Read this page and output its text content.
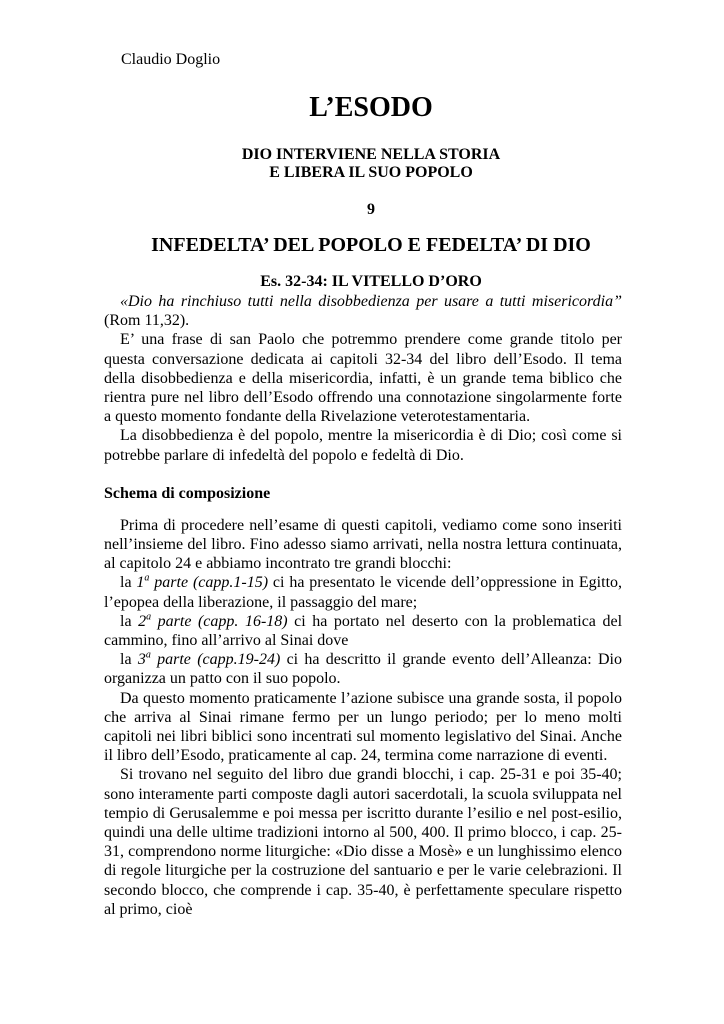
Claudio Doglio
L’ESODO
DIO INTERVIENE NELLA STORIA
E LIBERA IL SUO POPOLO
9
INFEDELTA’ DEL POPOLO E FEDELTA’ DI DIO
Es. 32-34: IL VITELLO D’ORO

«Dio ha rinchiuso tutti nella disobbedienza per usare a tutti misericordia” (Rom 11,32).

E’ una frase di san Paolo che potremmo prendere come grande titolo per questa conversazione dedicata ai capitoli 32-34 del libro dell’Esodo. Il tema della disobbedienza e della misericordia, infatti, è un grande tema biblico che rientra pure nel libro dell’Esodo offrendo una connotazione singolarmente forte a questo momento fondante della Rivelazione veterotestamentaria.

La disobbedienza è del popolo, mentre la misericordia è di Dio; così come si potrebbe parlare di infedeltà del popolo e fedeltà di Dio.

Schema di composizione

Prima di procedere nell’esame di questi capitoli, vediamo come sono inseriti nell’insieme del libro. Fino adesso siamo arrivati, nella nostra lettura continuata, al capitolo 24 e abbiamo incontrato tre grandi blocchi:

la 1$^a$ parte (capp.1-15) ci ha presentato le vicende dell’oppressione in Egitto, l’epopea della liberazione, il passaggio del mare;

la 2$^a$ parte (capp. 16-18) ci ha portato nel deserto con la problematica del cammino, fino all’arrivo al Sinai dove

la 3$^a$ parte (capp.19-24) ci ha descritto il grande evento dell’Alleanza: Dio organizza un patto con il suo popolo.

Da questo momento praticamente l’azione subisce una grande sosta, il popolo che arriva al Sinai rimane fermo per un lungo periodo; per lo meno molti capitoli nei libri biblici sono incentrati sul momento legislativo del Sinai. Anche il libro dell’Esodo, praticamente al cap. 24, termina come narrazione di eventi.

Si trovano nel seguito del libro due grandi blocchi, i cap. 25-31 e poi 35-40; sono interamente parti composte dagli autori sacerdotali, la scuola sviluppata nel tempio di Gerusalemme e poi messa per iscritto durante l’esilio e nel post-esilio, quindi una delle ultime tradizioni intorno al 500, 400. Il primo blocco, i cap. 25-31, comprendono norme liturgiche: «Dio disse a Mosè» e un lunghissimo elenco di regole liturgiche per la costruzione del santuario e per le varie celebrazioni. Il secondo blocco, che comprende i cap. 35-40, è perfettamente speculare rispetto al primo, cioè
